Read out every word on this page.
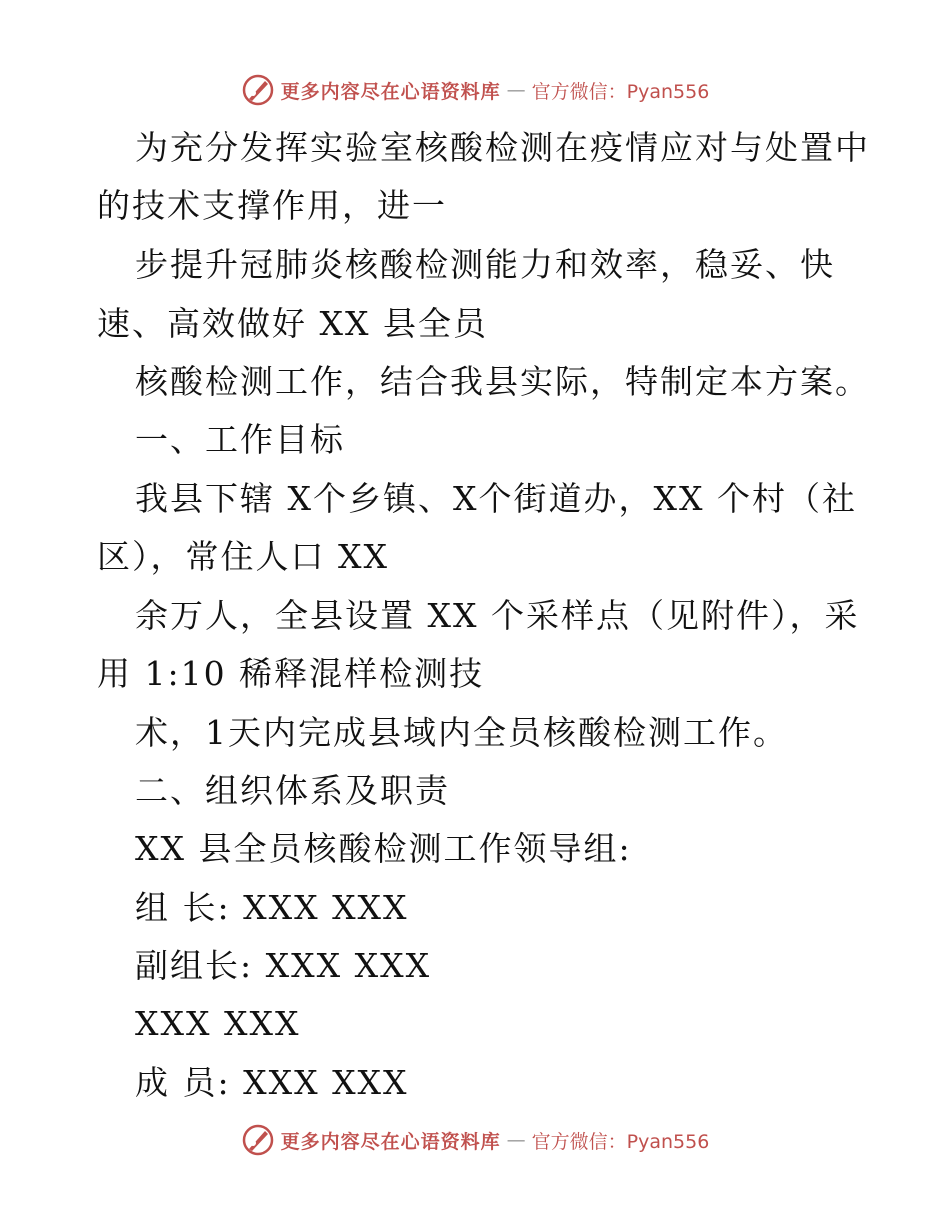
更多内容尽在心语资料库 — 官方微信：Pyan556
为充分发挥实验室核酸检测在疫情应对与处置中
的技术支撑作用，进一
步提升冠肺炎核酸检测能力和效率，稳妥、快
速、高效做好 XX 县全员
核酸检测工作，结合我县实际，特制定本方案。
一、工作目标
我县下辖 X个乡镇、X个街道办，XX 个村（社
区），常住人口 XX
余万人，全县设置 XX 个采样点（见附件），采
用 1:10 稀释混样检测技
术，1天内完成县域内全员核酸检测工作。
二、组织体系及职责
XX 县全员核酸检测工作领导组:
组 长: XXX XXX
副组长: XXX XXX
XXX XXX
成 员: XXX XXX
更多内容尽在心语资料库 — 官方微信：Pyan556
